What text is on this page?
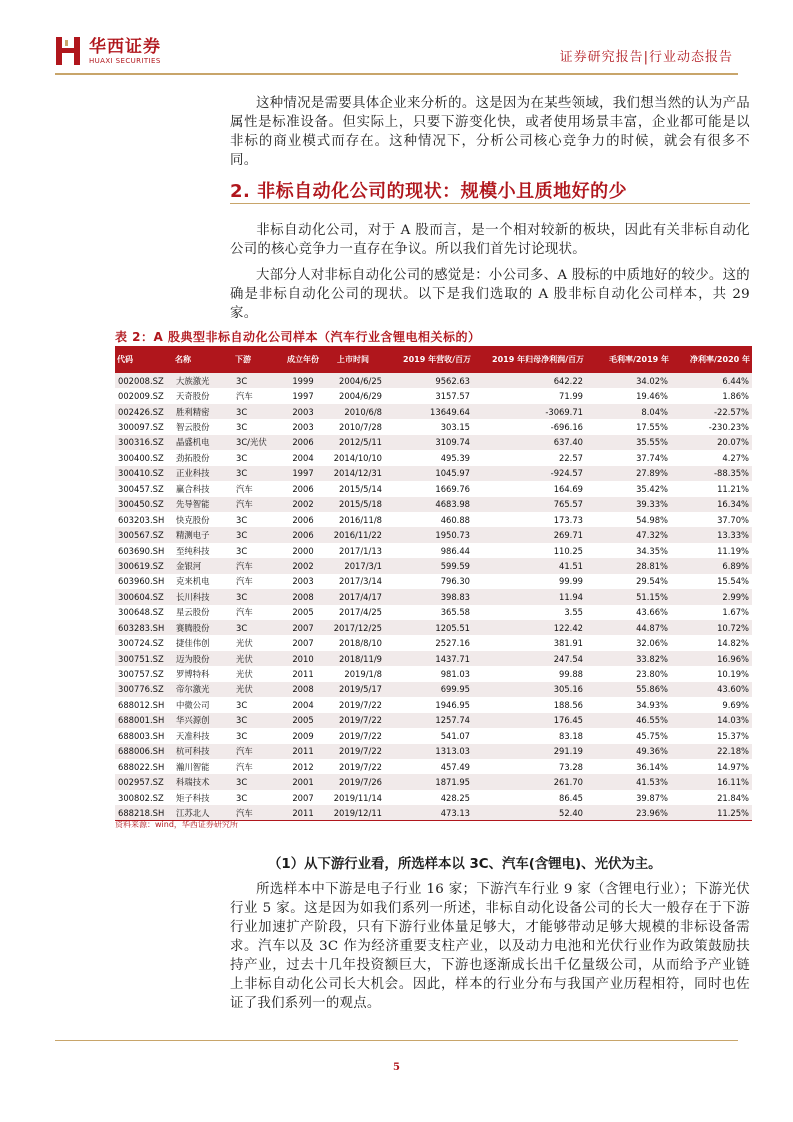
华西证券
HUAXI SECURITIES	证券研究报告|行业动态报告
这种情况是需要具体企业来分析的。这是因为在某些领域，我们想当然的认为产品属性是标准设备。但实际上，只要下游变化快，或者使用场景丰富，企业都可能是以非标的商业模式而存在。这种情况下，分析公司核心竞争力的时候，就会有很多不同。
2. 非标自动化公司的现状：规模小且质地好的少
非标自动化公司，对于 A 股而言，是一个相对较新的板块，因此有关非标自动化公司的核心竞争力一直存在争议。所以我们首先讨论现状。
大部分人对非标自动化公司的感觉是：小公司多、A 股标的中质地好的较少。这的确是非标自动化公司的现状。以下是我们选取的 A 股非标自动化公司样本，共 29 家。
表 2：A 股典型非标自动化公司样本（汽车行业含锂电相关标的）
代码	名称	下游	成立年份	上市时间	2019 年营收/百万	2019 年归母净利润/百万	毛利率/2019 年	净利率/2020 年
002008.SZ	大族激光	3C	1999	2004/6/25	9562.63	642.22	34.02%	6.44%
002009.SZ	天奇股份	汽车	1997	2004/6/29	3157.57	71.99	19.46%	1.86%
002426.SZ	胜利精密	3C	2003	2010/6/8	13649.64	-3069.71	8.04%	-22.57%
300097.SZ	智云股份	3C	2003	2010/7/28	303.15	-696.16	17.55%	-230.23%
300316.SZ	晶盛机电	3C/光伏	2006	2012/5/11	3109.74	637.40	35.55%	20.07%
300400.SZ	劲拓股份	3C	2004	2014/10/10	495.39	22.57	37.74%	4.27%
300410.SZ	正业科技	3C	1997	2014/12/31	1045.97	-924.57	27.89%	-88.35%
300457.SZ	赢合科技	汽车	2006	2015/5/14	1669.76	164.69	35.42%	11.21%
300450.SZ	先导智能	汽车	2002	2015/5/18	4683.98	765.57	39.33%	16.34%
603203.SH	快克股份	3C	2006	2016/11/8	460.88	173.73	54.98%	37.70%
300567.SZ	精测电子	3C	2006	2016/11/22	1950.73	269.71	47.32%	13.33%
603690.SH	至纯科技	3C	2000	2017/1/13	986.44	110.25	34.35%	11.19%
300619.SZ	金银河	汽车	2002	2017/3/1	599.59	41.51	28.81%	6.89%
603960.SH	克来机电	汽车	2003	2017/3/14	796.30	99.99	29.54%	15.54%
300604.SZ	长川科技	3C	2008	2017/4/17	398.83	11.94	51.15%	2.99%
300648.SZ	星云股份	汽车	2005	2017/4/25	365.58	3.55	43.66%	1.67%
603283.SH	赛腾股份	3C	2007	2017/12/25	1205.51	122.42	44.87%	10.72%
300724.SZ	捷佳伟创	光伏	2007	2018/8/10	2527.16	381.91	32.06%	14.82%
300751.SZ	迈为股份	光伏	2010	2018/11/9	1437.71	247.54	33.82%	16.96%
300757.SZ	罗博特科	光伏	2011	2019/1/8	981.03	99.88	23.80%	10.19%
300776.SZ	帝尔激光	光伏	2008	2019/5/17	699.95	305.16	55.86%	43.60%
688012.SH	中微公司	3C	2004	2019/7/22	1946.95	188.56	34.93%	9.69%
688001.SH	华兴源创	3C	2005	2019/7/22	1257.74	176.45	46.55%	14.03%
688003.SH	天准科技	3C	2009	2019/7/22	541.07	83.18	45.75%	15.37%
688006.SH	杭可科技	汽车	2011	2019/7/22	1313.03	291.19	49.36%	22.18%
688022.SH	瀚川智能	汽车	2012	2019/7/22	457.49	73.28	36.14%	14.97%
002957.SZ	科瑞技术	3C	2001	2019/7/26	1871.95	261.70	41.53%	16.11%
300802.SZ	矩子科技	3C	2007	2019/11/14	428.25	86.45	39.87%	21.84%
688218.SH	江苏北人	汽车	2011	2019/12/11	473.13	52.40	23.96%	11.25%
资料来源：wind，华西证券研究所
（1）从下游行业看，所选样本以 3C、汽车(含锂电)、光伏为主。
所选样本中下游是电子行业 16 家；下游汽车行业 9 家（含锂电行业）；下游光伏行业 5 家。这是因为如我们系列一所述，非标自动化设备公司的长大一般存在于下游行业加速扩产阶段，只有下游行业体量足够大，才能够带动足够大规模的非标设备需求。汽车以及 3C 作为经济重要支柱产业，以及动力电池和光伏行业作为政策鼓励扶持产业，过去十几年投资额巨大，下游也逐渐成长出千亿量级公司，从而给予产业链上非标自动化公司长大机会。因此，样本的行业分布与我国产业历程相符，同时也佐证了我们系列一的观点。
5
